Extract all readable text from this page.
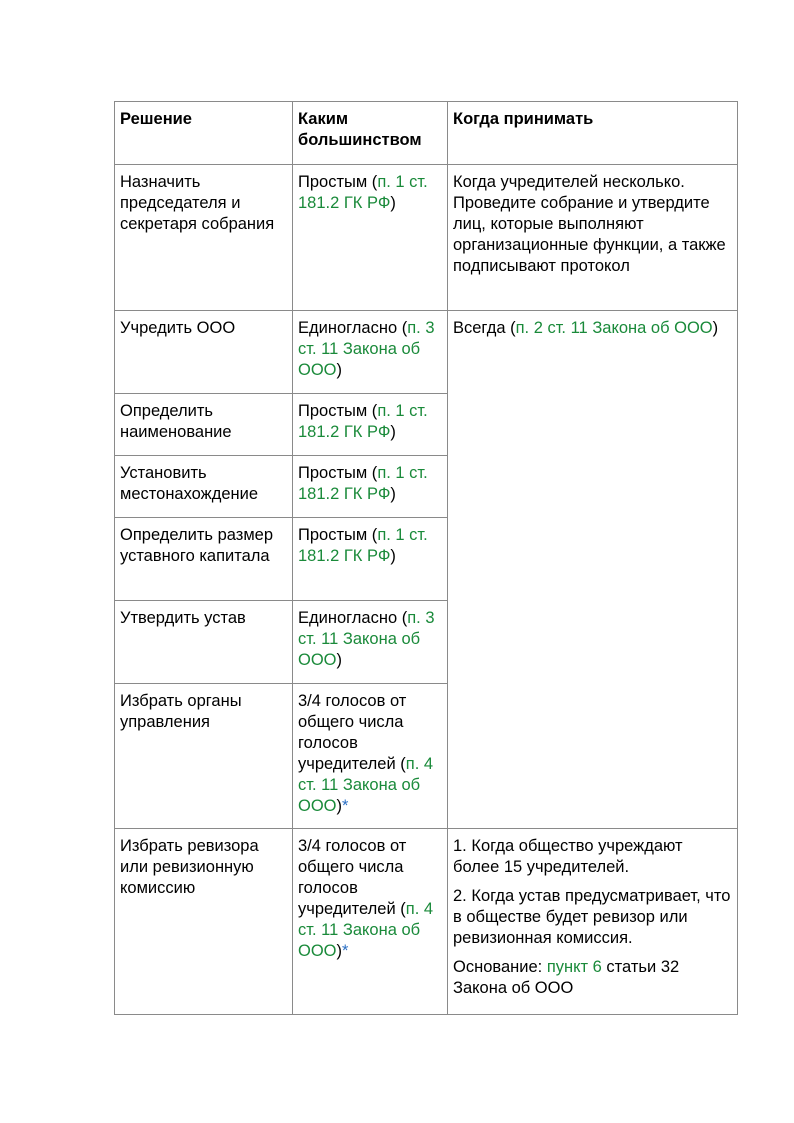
Решение	Каким большинством	Когда принимать
Назначить председателя и секретаря собрания	Простым (п. 1 ст. 181.2 ГК РФ)	Когда учредителей несколько. Проведите собрание и утвердите лиц, которые выполняют организационные функции, а также подписывают протокол
Учредить ООО	Единогласно (п. 3 ст. 11 Закона об ООО)	Всегда (п. 2 ст. 11 Закона об ООО)
Определить наименование	Простым (п. 1 ст. 181.2 ГК РФ)	
Установить местонахождение	Простым (п. 1 ст. 181.2 ГК РФ)	
Определить размер уставного капитала	Простым (п. 1 ст. 181.2 ГК РФ)	
Утвердить устав	Единогласно (п. 3 ст. 11 Закона об ООО)	
Избрать органы управления	3/4 голосов от общего числа голосов учредителей (п. 4 ст. 11 Закона об ООО)*	
Избрать ревизора или ревизионную комиссию	3/4 голосов от общего числа голосов учредителей (п. 4 ст. 11 Закона об ООО)*	1. Когда общество учреждают более 15 учредителей.

2. Когда устав предусматривает, что в обществе будет ревизор или ревизионная комиссия.

Основание: пункт 6 статьи 32 Закона об ООО
